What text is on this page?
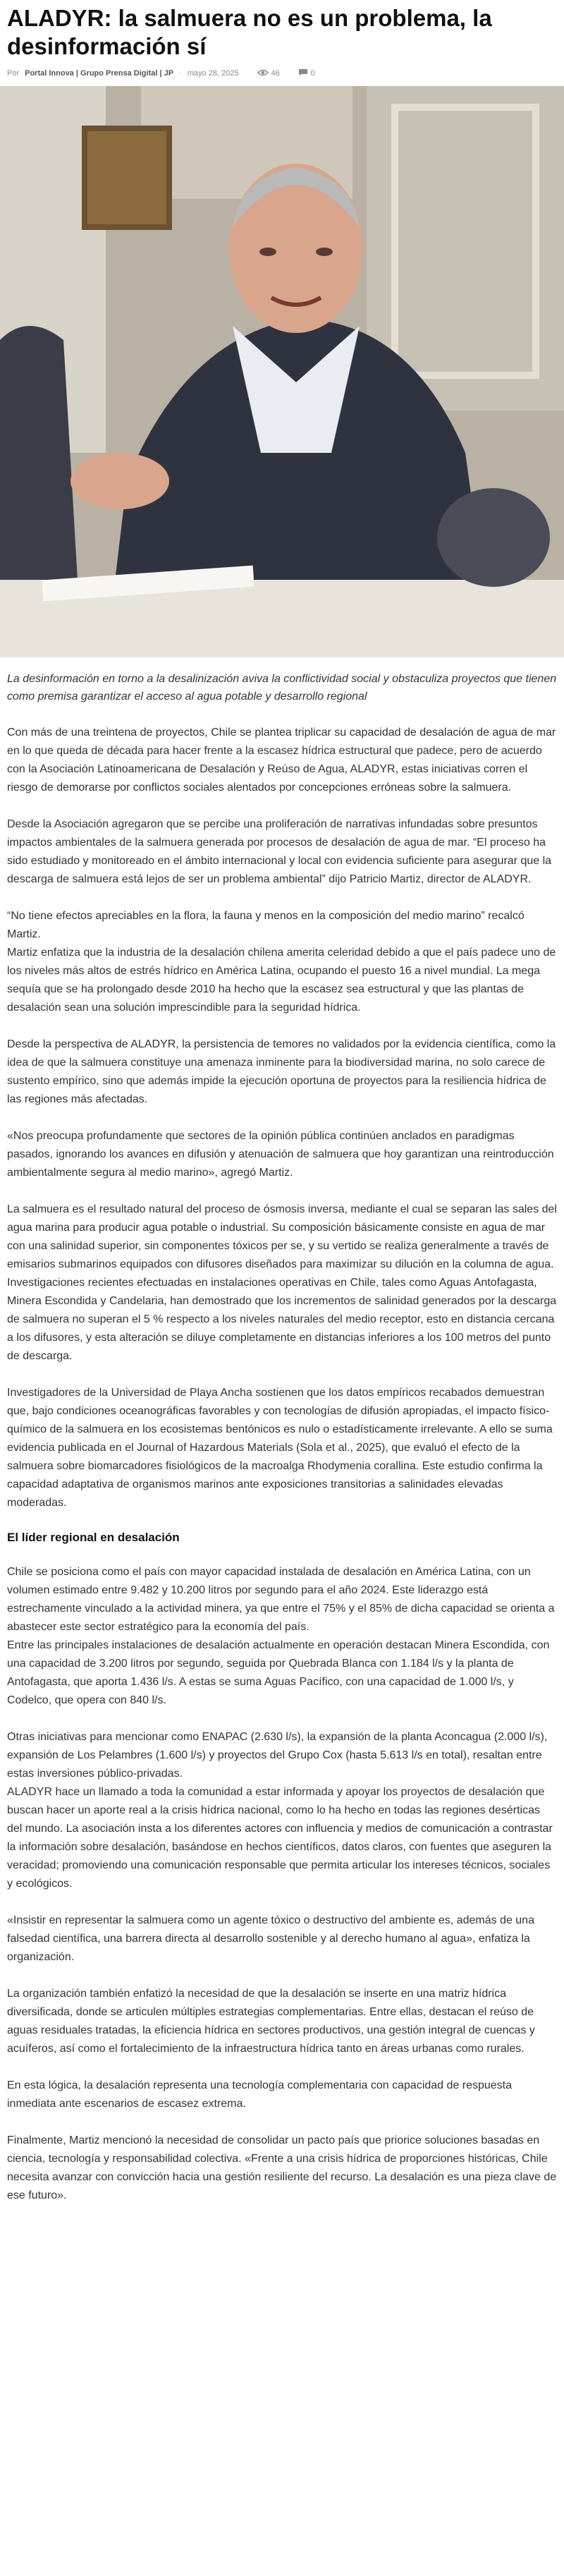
ALADYR: la salmuera no es un problema, la desinformación sí
Por Portal Innova | Grupo Prensa Digital | JP - mayo 28, 2025	46	0

La desinformación en torno a la desalinización aviva la conflictividad social y obstaculiza proyectos que tienen como premisa garantizar el acceso al agua potable y desarrollo regional

Con más de una treintena de proyectos, Chile se plantea triplicar su capacidad de desalación de agua de mar en lo que queda de década para hacer frente a la escasez hídrica estructural que padece, pero de acuerdo con la Asociación Latinoamericana de Desalación y Reúso de Agua, ALADYR, estas iniciativas corren el riesgo de demorarse por conflictos sociales alentados por concepciones erróneas sobre la salmuera.

Desde la Asociación agregaron que se percibe una proliferación de narrativas infundadas sobre presuntos impactos ambientales de la salmuera generada por procesos de desalación de agua de mar. “El proceso ha sido estudiado y monitoreado en el ámbito internacional y local con evidencia suficiente para asegurar que la descarga de salmuera está lejos de ser un problema ambiental” dijo Patricio Martiz, director de ALADYR.

“No tiene efectos apreciables en la flora, la fauna y menos en la composición del medio marino” recalcó Martiz.

Martiz enfatiza que la industria de la desalación chilena amerita celeridad debido a que el país padece uno de los niveles más altos de estrés hídrico en América Latina, ocupando el puesto 16 a nivel mundial. La mega sequía que se ha prolongado desde 2010 ha hecho que la escasez sea estructural y que las plantas de desalación sean una solución imprescindible para la seguridad hídrica.

Desde la perspectiva de ALADYR, la persistencia de temores no validados por la evidencia científica, como la idea de que la salmuera constituye una amenaza inminente para la biodiversidad marina, no solo carece de sustento empírico, sino que además impide la ejecución oportuna de proyectos para la resiliencia hídrica de las regiones más afectadas.

«Nos preocupa profundamente que sectores de la opinión pública continúen anclados en paradigmas pasados, ignorando los avances en difusión y atenuación de salmuera que hoy garantizan una reintroducción ambientalmente segura al medio marino», agregó Martiz.

La salmuera es el resultado natural del proceso de ósmosis inversa, mediante el cual se separan las sales del agua marina para producir agua potable o industrial. Su composición básicamente consiste en agua de mar con una salinidad superior, sin componentes tóxicos per se, y su vertido se realiza generalmente a través de emisarios submarinos equipados con difusores diseñados para maximizar su dilución en la columna de agua. Investigaciones recientes efectuadas en instalaciones operativas en Chile, tales como Aguas Antofagasta, Minera Escondida y Candelaria, han demostrado que los incrementos de salinidad generados por la descarga de salmuera no superan el 5 % respecto a los niveles naturales del medio receptor, esto en distancia cercana a los difusores, y esta alteración se diluye completamente en distancias inferiores a los 100 metros del punto de descarga.

Investigadores de la Universidad de Playa Ancha sostienen que los datos empíricos recabados demuestran que, bajo condiciones oceanográficas favorables y con tecnologías de difusión apropiadas, el impacto físico-químico de la salmuera en los ecosistemas bentónicos es nulo o estadísticamente irrelevante. A ello se suma evidencia publicada en el Journal of Hazardous Materials (Sola et al., 2025), que evaluó el efecto de la salmuera sobre biomarcadores fisiológicos de la macroalga Rhodymenia corallina. Este estudio confirma la capacidad adaptativa de organismos marinos ante exposiciones transitorias a salinidades elevadas moderadas.

El líder regional en desalación

Chile se posiciona como el país con mayor capacidad instalada de desalación en América Latina, con un volumen estimado entre 9.482 y 10.200 litros por segundo para el año 2024. Este liderazgo está estrechamente vinculado a la actividad minera, ya que entre el 75% y el 85% de dicha capacidad se orienta a abastecer este sector estratégico para la economía del país.

Entre las principales instalaciones de desalación actualmente en operación destacan Minera Escondida, con una capacidad de 3.200 litros por segundo, seguida por Quebrada Blanca con 1.184 l/s y la planta de Antofagasta, que aporta 1.436 l/s. A estas se suma Aguas Pacífico, con una capacidad de 1.000 l/s, y Codelco, que opera con 840 l/s.

Otras iniciativas para mencionar como ENAPAC (2.630 l/s), la expansión de la planta Aconcagua (2.000 l/s), expansión de Los Pelambres (1.600 l/s) y proyectos del Grupo Cox (hasta 5.613 l/s en total), resaltan entre estas inversiones público-privadas.

ALADYR hace un llamado a toda la comunidad a estar informada y apoyar los proyectos de desalación que buscan hacer un aporte real a la crisis hídrica nacional, como lo ha hecho en todas las regiones desérticas del mundo. La asociación insta a los diferentes actores con influencia y medios de comunicación a contrastar la información sobre desalación, basándose en hechos científicos, datos claros, con fuentes que aseguren la veracidad; promoviendo una comunicación responsable que permita articular los intereses técnicos, sociales y ecológicos.

«Insistir en representar la salmuera como un agente tóxico o destructivo del ambiente es, además de una falsedad científica, una barrera directa al desarrollo sostenible y al derecho humano al agua», enfatiza la organización.

La organización también enfatizó la necesidad de que la desalación se inserte en una matriz hídrica diversificada, donde se articulen múltiples estrategias complementarias. Entre ellas, destacan el reúso de aguas residuales tratadas, la eficiencia hídrica en sectores productivos, una gestión integral de cuencas y acuíferos, así como el fortalecimiento de la infraestructura hídrica tanto en áreas urbanas como rurales.

En esta lógica, la desalación representa una tecnología complementaria con capacidad de respuesta inmediata ante escenarios de escasez extrema.

Finalmente, Martiz mencionó la necesidad de consolidar un pacto país que priorice soluciones basadas en ciencia, tecnología y responsabilidad colectiva. «Frente a una crisis hídrica de proporciones históricas, Chile necesita avanzar con convicción hacia una gestión resiliente del recurso. La desalación es una pieza clave de ese futuro».
